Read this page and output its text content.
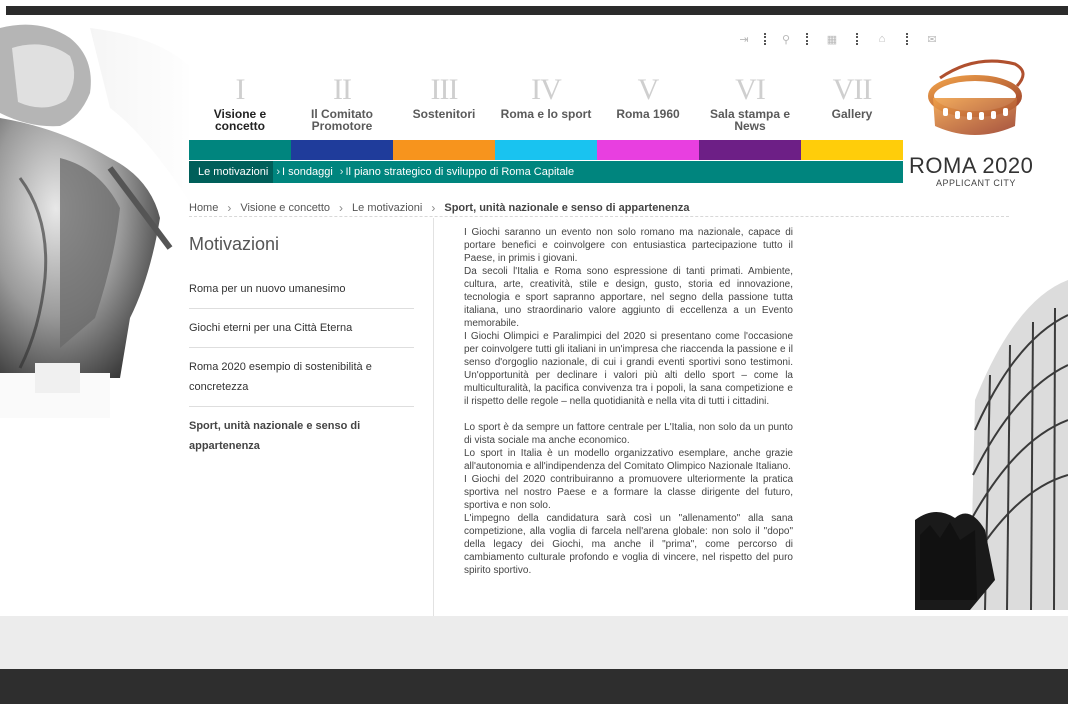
⇥	⚲	▦	⌂	✉
I
Visione e concetto
II
Il Comitato Promotore
III
Sostenitori
IV
Roma e lo sport
V
Roma 1960
VI
Sala stampa e News
VII
Gallery
Le motivazioni › I sondaggi › Il piano strategico di sviluppo di Roma Capitale	ROMA 2020
APPLICANT CITY
Home › Visione e concetto › Le motivazioni › Sport, unità nazionale e senso di appartenenza
Motivazioni
Roma per un nuovo umanesimo
Giochi eterni per una Città Eterna
Roma 2020 esempio di sostenibilità e concretezza
Sport, unità nazionale e senso di appartenenza

I Giochi saranno un evento non solo romano ma nazionale, capace di portare benefici e coinvolgere con entusiastica partecipazione tutto il Paese, in primis i giovani.

Da secoli l'Italia e Roma sono espressione di tanti primati. Ambiente, cultura, arte, creatività, stile e design, gusto, storia ed innovazione, tecnologia e sport sapranno apportare, nel segno della passione tutta italiana, uno straordinario valore aggiunto di eccellenza a un Evento memorabile.

I Giochi Olimpici e Paralimpici del 2020 si presentano come l'occasione per coinvolgere tutti gli italiani in un'impresa che riaccenda la passione e il senso d'orgoglio nazionale, di cui i grandi eventi sportivi sono testimoni. Un'opportunità per declinare i valori più alti dello sport – come la multiculturalità, la pacifica convivenza tra i popoli, la sana competizione e il rispetto delle regole – nella quotidianità e nella vita di tutti i cittadini.

Lo sport è da sempre un fattore centrale per L'Italia, non solo da un punto di vista sociale ma anche economico.

Lo sport in Italia è un modello organizzativo esemplare, anche grazie all'autonomia e all'indipendenza del Comitato Olimpico Nazionale Italiano.

I Giochi del 2020 contribuiranno a promuovere ulteriormente la pratica sportiva nel nostro Paese e a formare la classe dirigente del futuro, sportiva e non solo.

L'impegno della candidatura sarà così un "allenamento" alla sana competizione, alla voglia di farcela nell'arena globale: non solo il "dopo" della legacy dei Giochi, ma anche il "prima", come percorso di cambiamento culturale profondo e voglia di vincere, nel rispetto del puro spirito sportivo.
